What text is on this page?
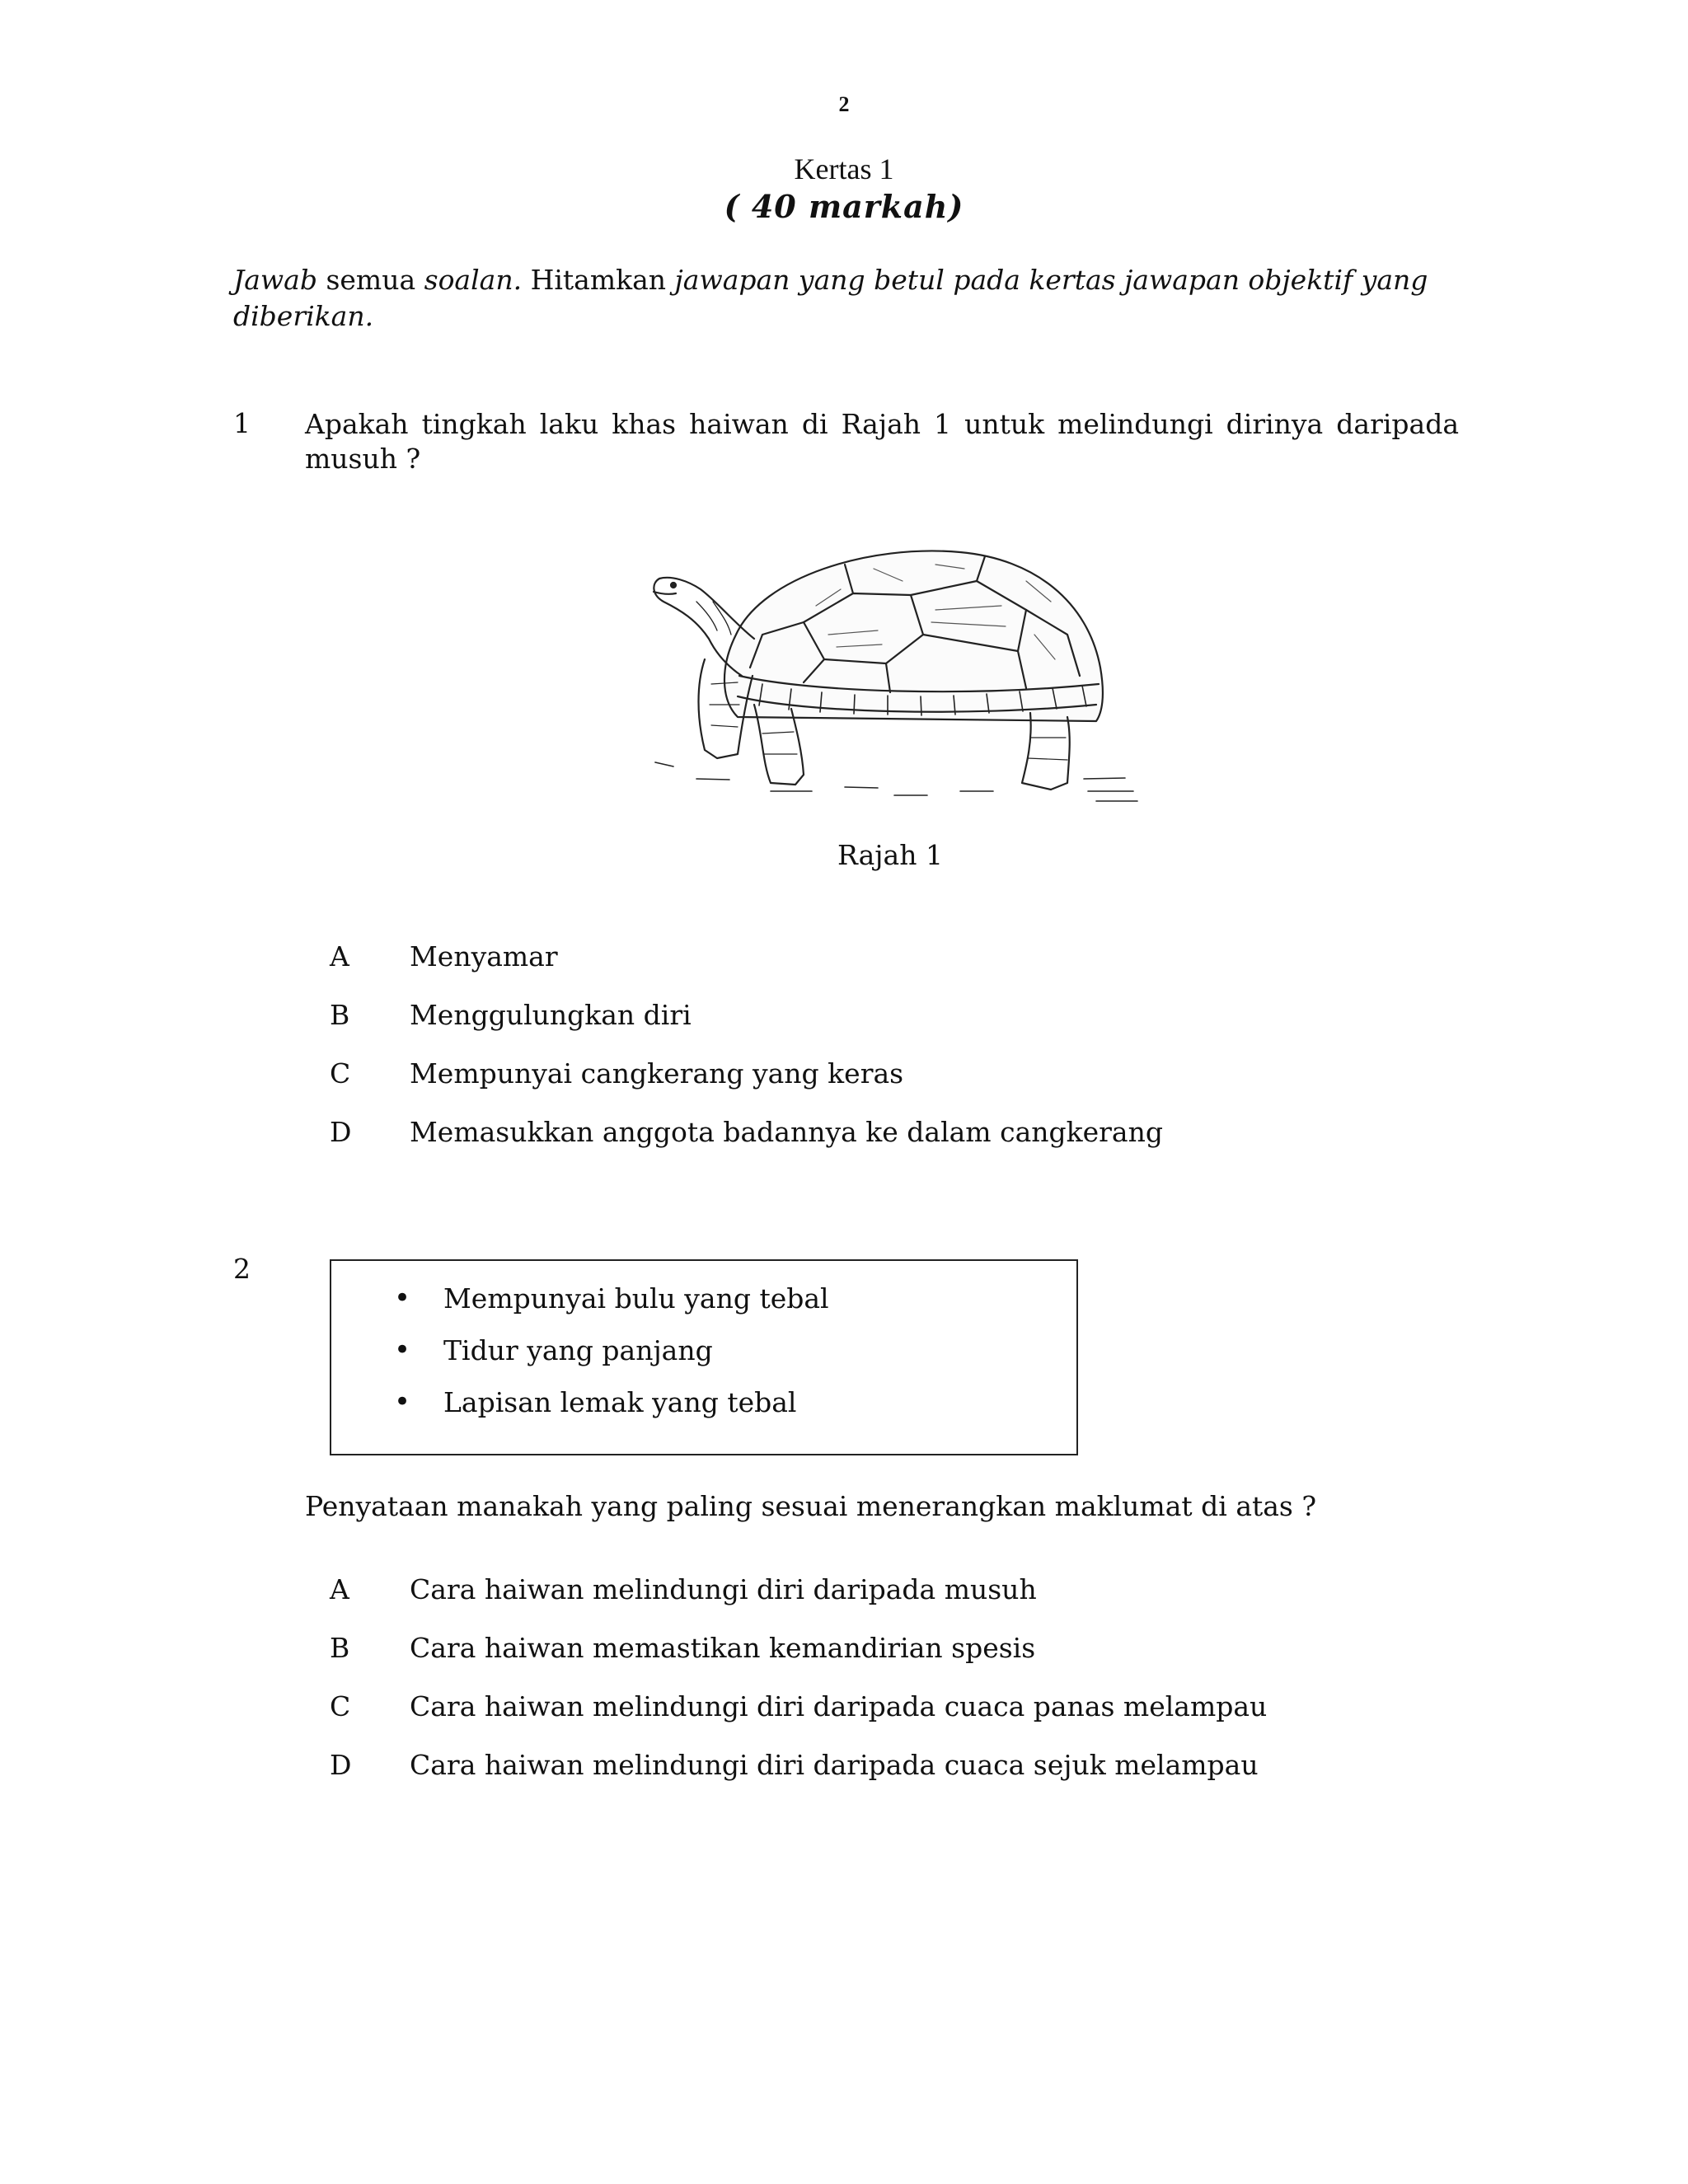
2
Kertas 1
( 40 markah)
Jawab semua soalan. Hitamkan jawapan yang betul pada kertas jawapan objektif yang diberikan.
1 Apakah tingkah laku khas haiwan di Rajah 1 untuk melindungi dirinya daripada musuh ?
Rajah 1
A Menyamar
B Menggulungkan diri
C Mempunyai cangkerang yang keras
D Memasukkan anggota badannya ke dalam cangkerang
2
• Mempunyai bulu yang tebal
• Tidur yang panjang
• Lapisan lemak yang tebal
Penyataan manakah yang paling sesuai menerangkan maklumat di atas ?
A Cara haiwan melindungi diri daripada musuh
B Cara haiwan memastikan kemandirian spesis
C Cara haiwan melindungi diri daripada cuaca panas melampau
D Cara haiwan melindungi diri daripada cuaca sejuk melampau
